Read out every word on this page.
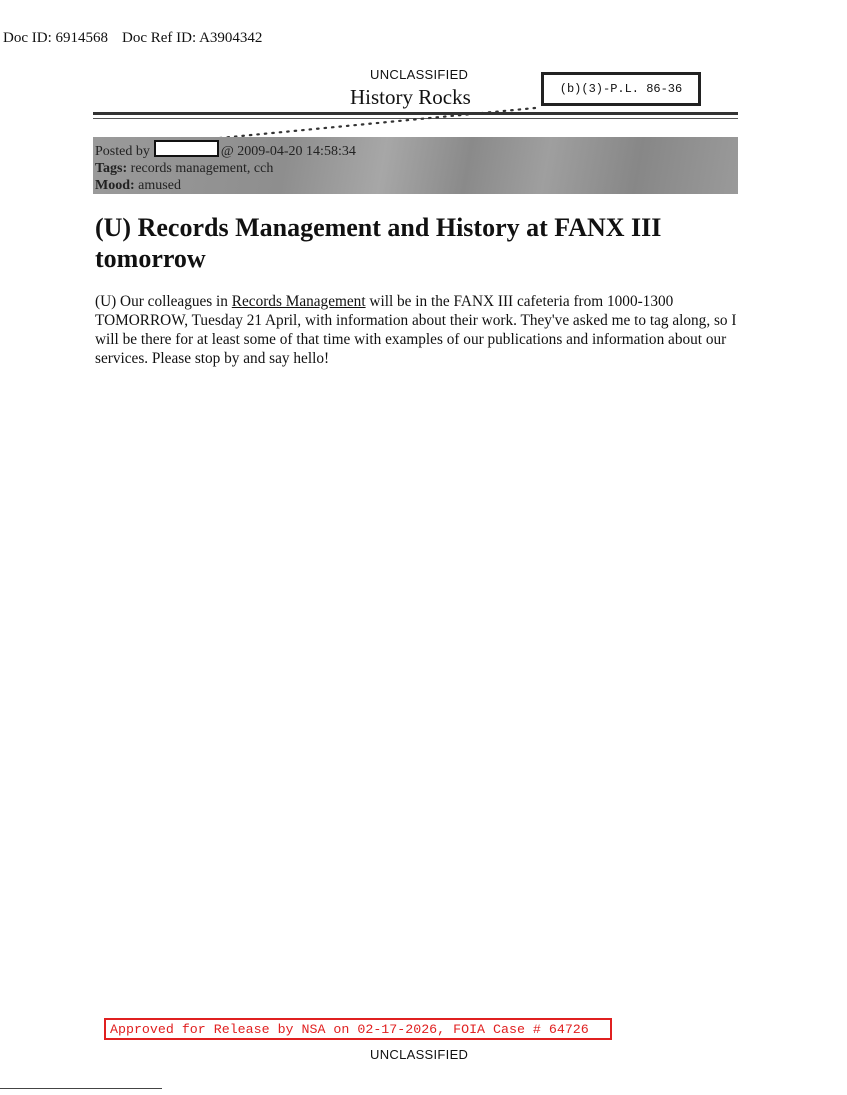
Doc ID: 6914568 Doc Ref ID: A3904342
UNCLASSIFIED
History Rocks	(b)(3)-P.L. 86-36
Posted by	@ 2009-04-20 14:58:34
Tags: records management, cch
Mood: amused
(U) Records Management and History at FANX III tomorrow

(U) Our colleagues in Records Management will be in the FANX III cafeteria from 1000-1300 TOMORROW, Tuesday 21 April, with information about their work. They've asked me to tag along, so I will be there for at least some of that time with examples of our publications and information about our services. Please stop by and say hello!

Approved for Release by NSA on 02-17-2026, FOIA Case # 64726
UNCLASSIFIED
